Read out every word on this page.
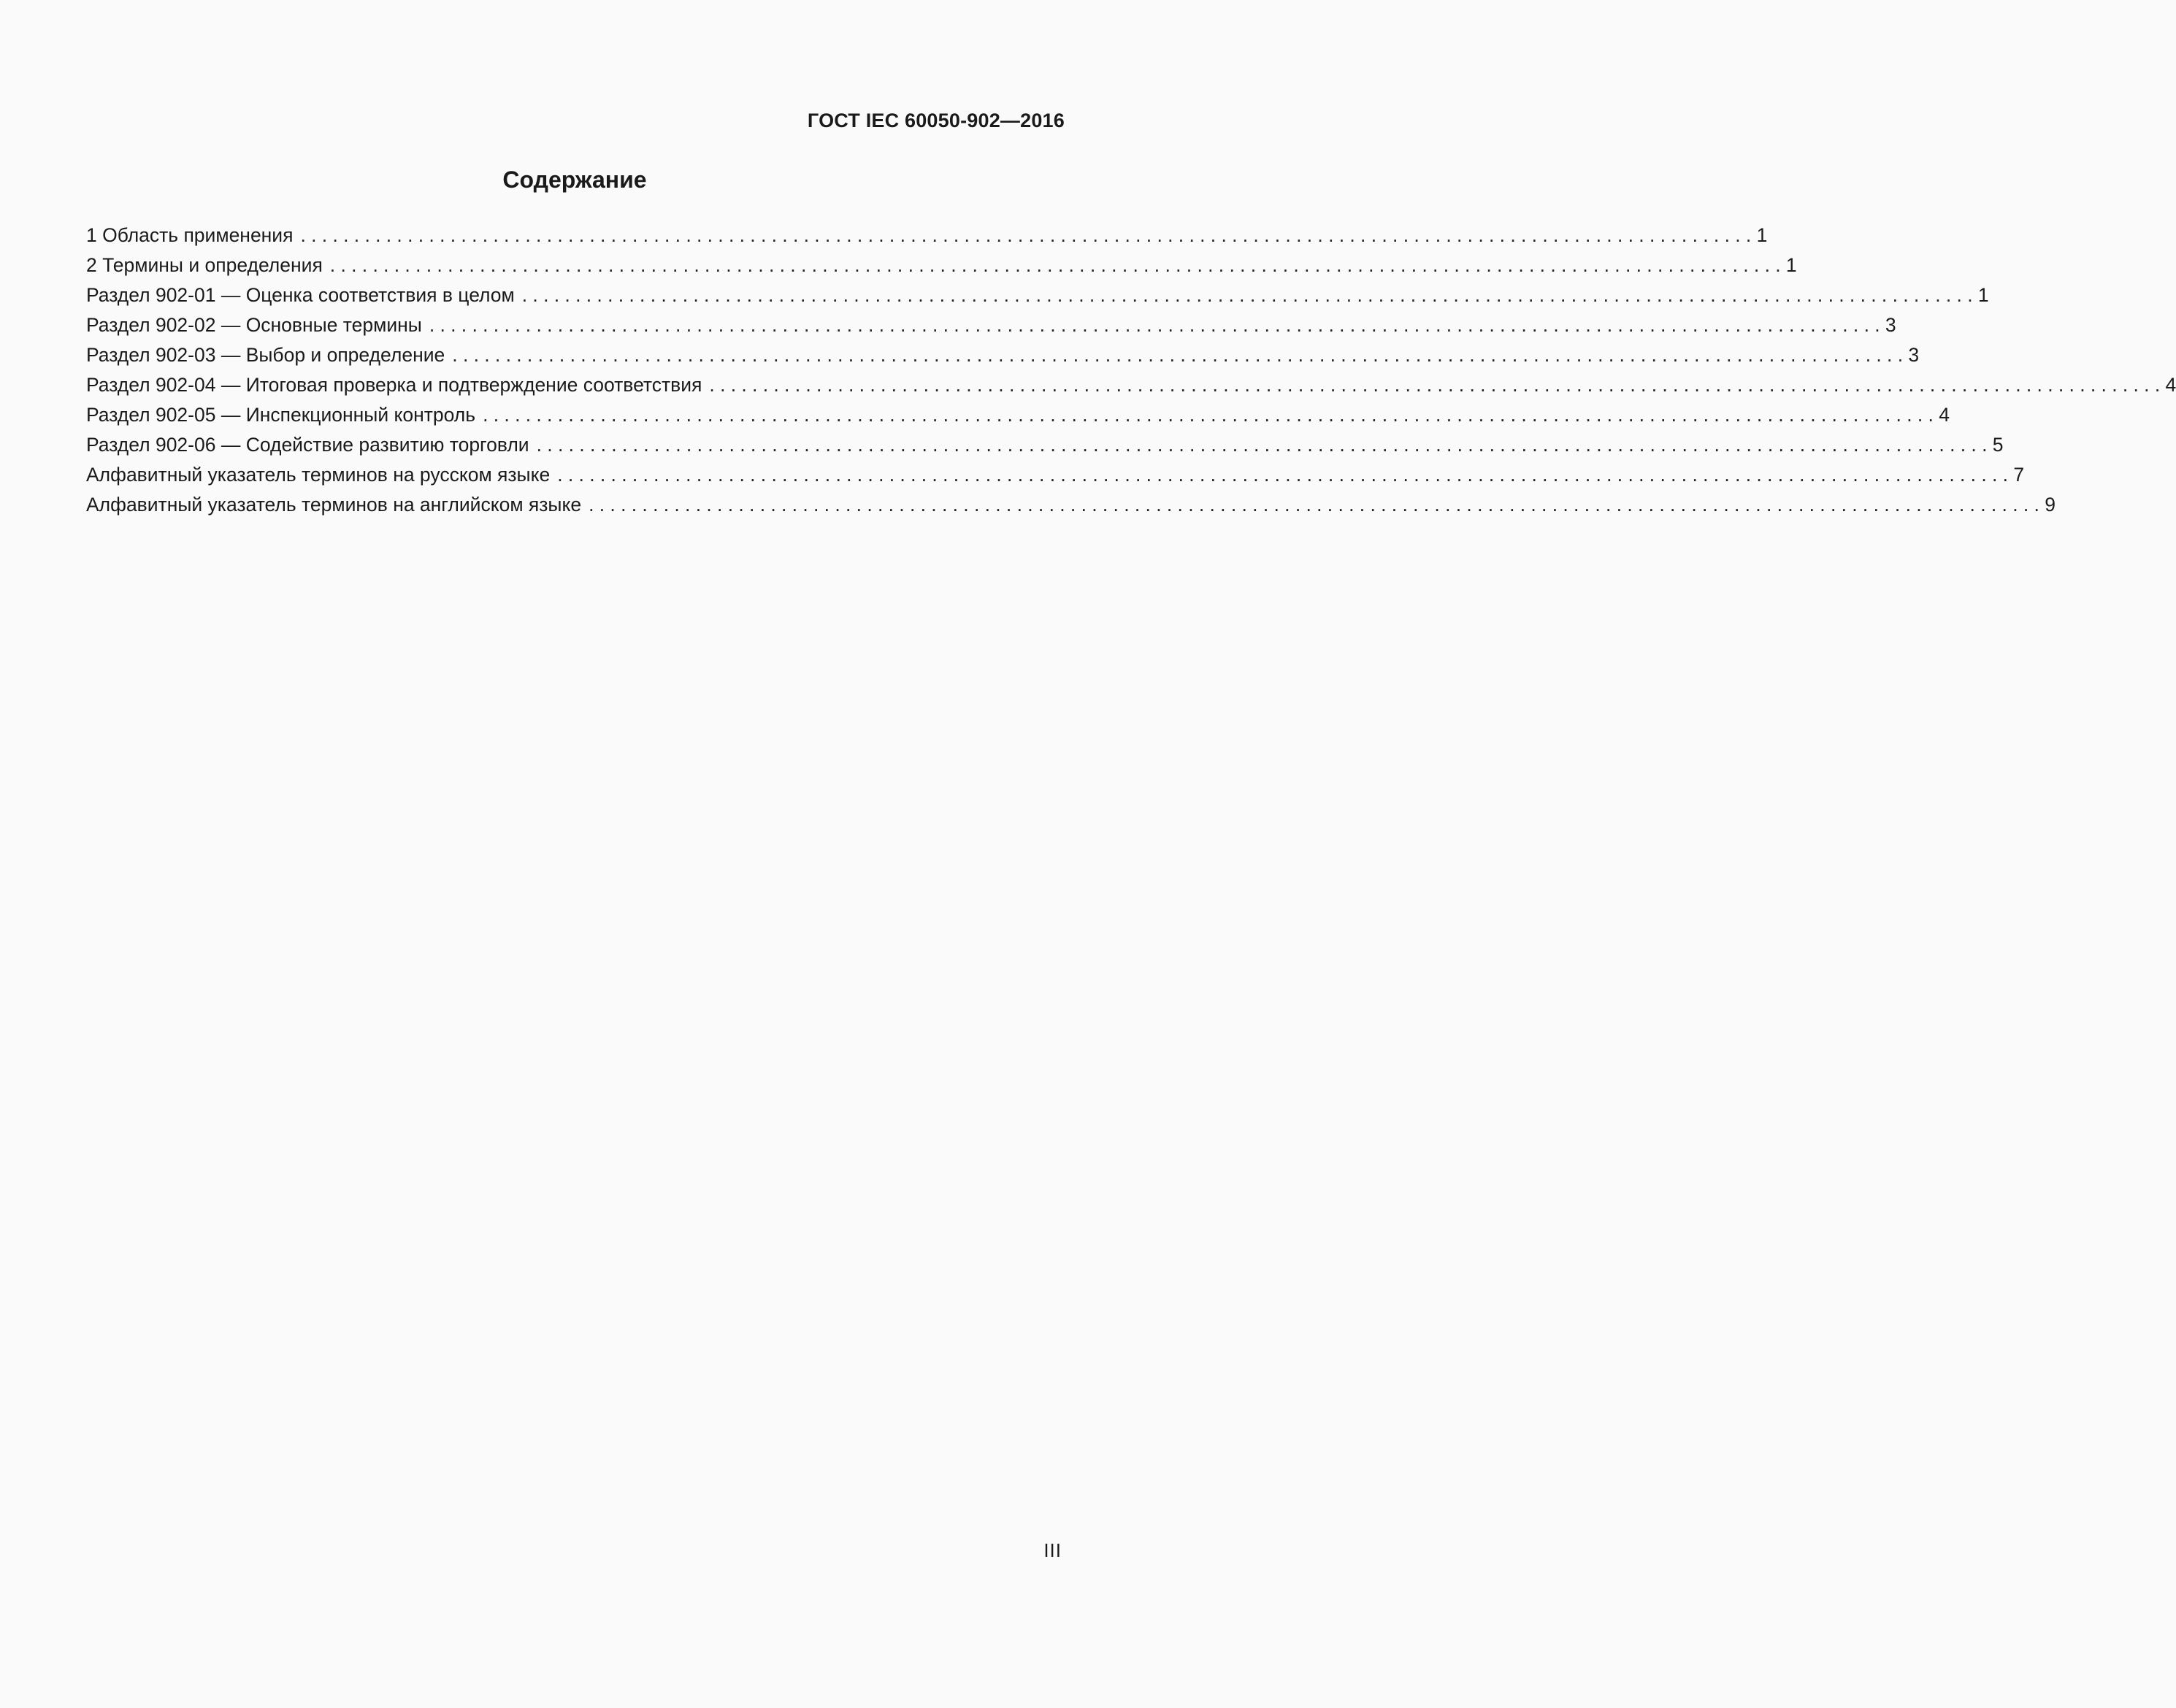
ГОСТ IEC 60050-902—2016
Содержание
1 Область применения ........................................................................................................................................ 1
2 Термины и определения ........................................................................................................................................ 1
Раздел 902-01 — Оценка соответствия в целом ........................................................................................................................................ 1
Раздел 902-02 — Основные термины ........................................................................................................................................ 3
Раздел 902-03 — Выбор и определение ........................................................................................................................................ 3
Раздел 902-04 — Итоговая проверка и подтверждение соответствия ........................................................................................................................................ 4
Раздел 902-05 — Инспекционный контроль ........................................................................................................................................ 4
Раздел 902-06 — Содействие развитию торговли ........................................................................................................................................ 5
Алфавитный указатель терминов на русском языке ........................................................................................................................................ 7
Алфавитный указатель терминов на английском языке ........................................................................................................................................ 9
III
